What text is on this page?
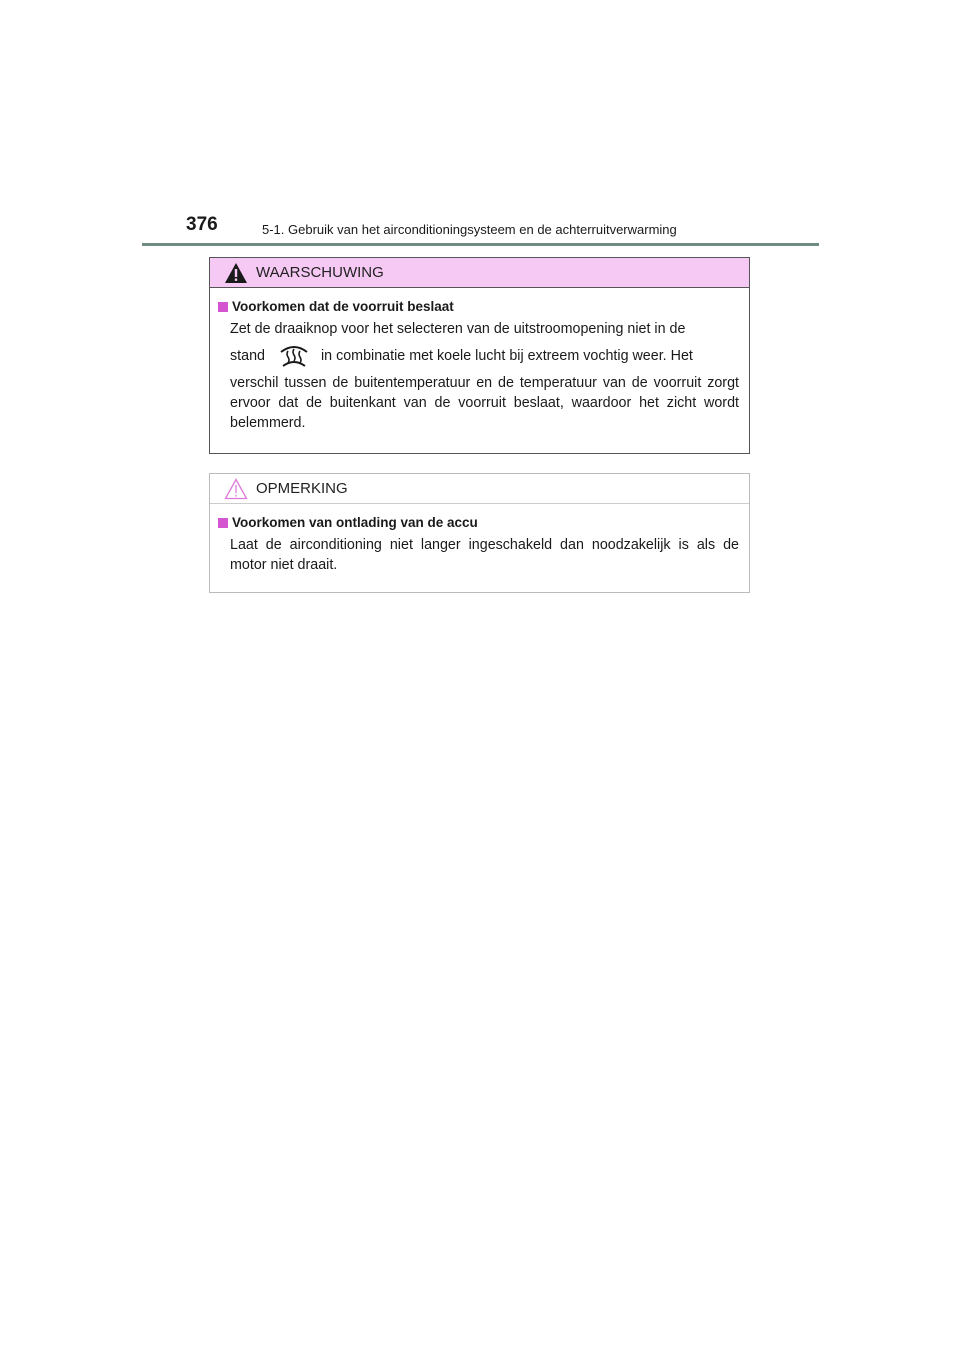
376	5-1. Gebruik van het airconditioningsysteem en de achterruitverwarming
WAARSCHUWING
Voorkomen dat de voorruit beslaat
Zet de draaiknop voor het selecteren van de uitstroomopening niet in de
stand	in combinatie met koele lucht bij extreem vochtig weer. Het
verschil tussen de buitentemperatuur en de temperatuur van de voorruit zorgt ervoor dat de buitenkant van de voorruit beslaat, waardoor het zicht wordt belemmerd.
OPMERKING
Voorkomen van ontlading van de accu
Laat de airconditioning niet langer ingeschakeld dan noodzakelijk is als de motor niet draait.
